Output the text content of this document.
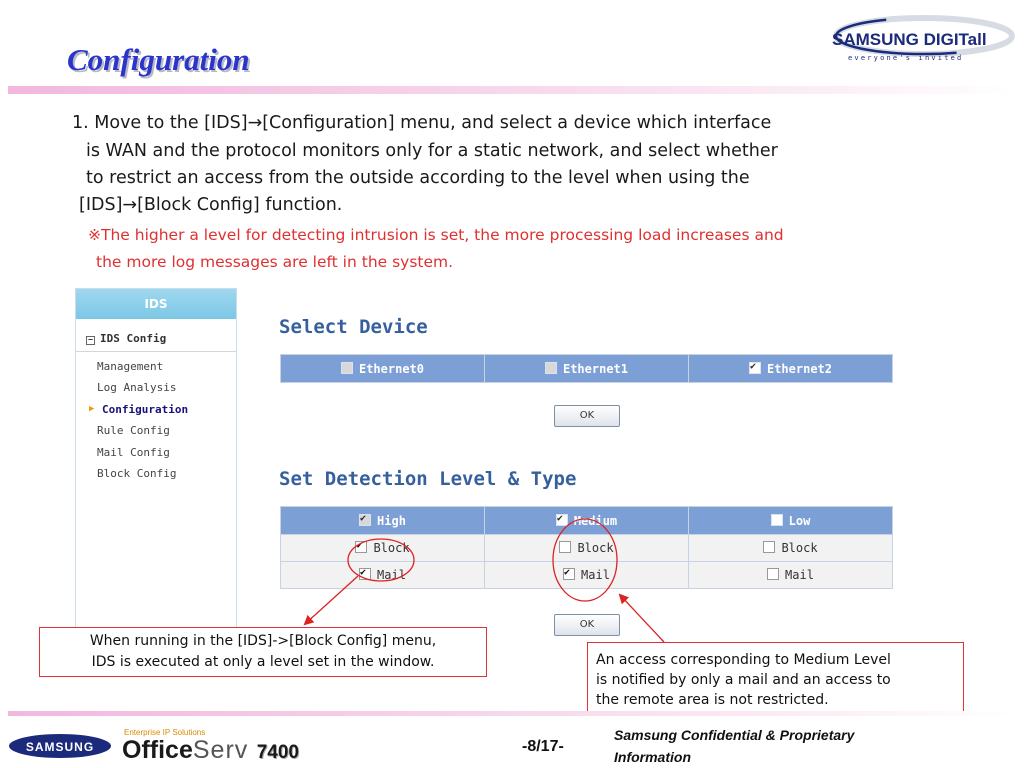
Configuration
SAMSUNG DIGITall
everyone's invited
1. Move to the [IDS]→[Configuration] menu, and select a device which interface
is WAN and the protocol monitors only for a static network, and select whether
to restrict an access from the outside according to the level when using the
[IDS]→[Block Config] function.
※The higher a level for detecting intrusion is set, the more processing load increases and
the more log messages are left in the system.
IDS
− IDS Config
Management
Log Analysis
▶ Configuration
Rule Config
Mail Config
Block Config
Select Device
Ethernet0	Ethernet1	✔Ethernet2
OK
Set Detection Level & Type
✔High	✔Medium	Low
✔Block	Block	Block
✔Mail	✔Mail	Mail
OK
When running in the [IDS]->[Block Config] menu,
IDS is executed at only a level set in the window.	An access corresponding to Medium Level
is notified by only a mail and an access to
the remote area is not restricted.
SAMSUNG
Enterprise IP Solutions
OfficeServ 7400	-8/17-
Samsung Confidential & Proprietary
Information
